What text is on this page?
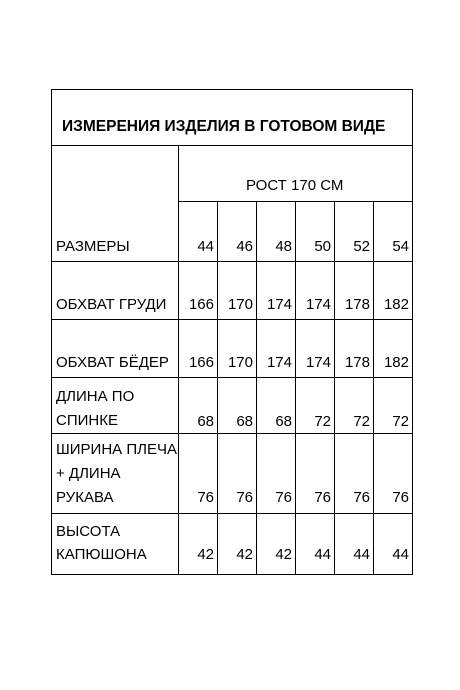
ИЗМЕРЕНИЯ ИЗДЕЛИЯ В ГОТОВОМ ВИДЕ
РОСТ 170 СМ
РАЗМЕРЫ	44	46	48	50	52	54
ОБХВАТ ГРУДИ	166 170 174 174 178 182
ОБХВАТ БЁДЕР	166 170 174 174 178 182
ДЛИНА ПО
СПИНКЕ	68	68	68	72	72	72
ШИРИНА ПЛЕЧА
+ ДЛИНА
РУКАВА	76	76	76	76	76	76
ВЫСОТА
КАПЮШОНА	42	42	42	44	44	44
